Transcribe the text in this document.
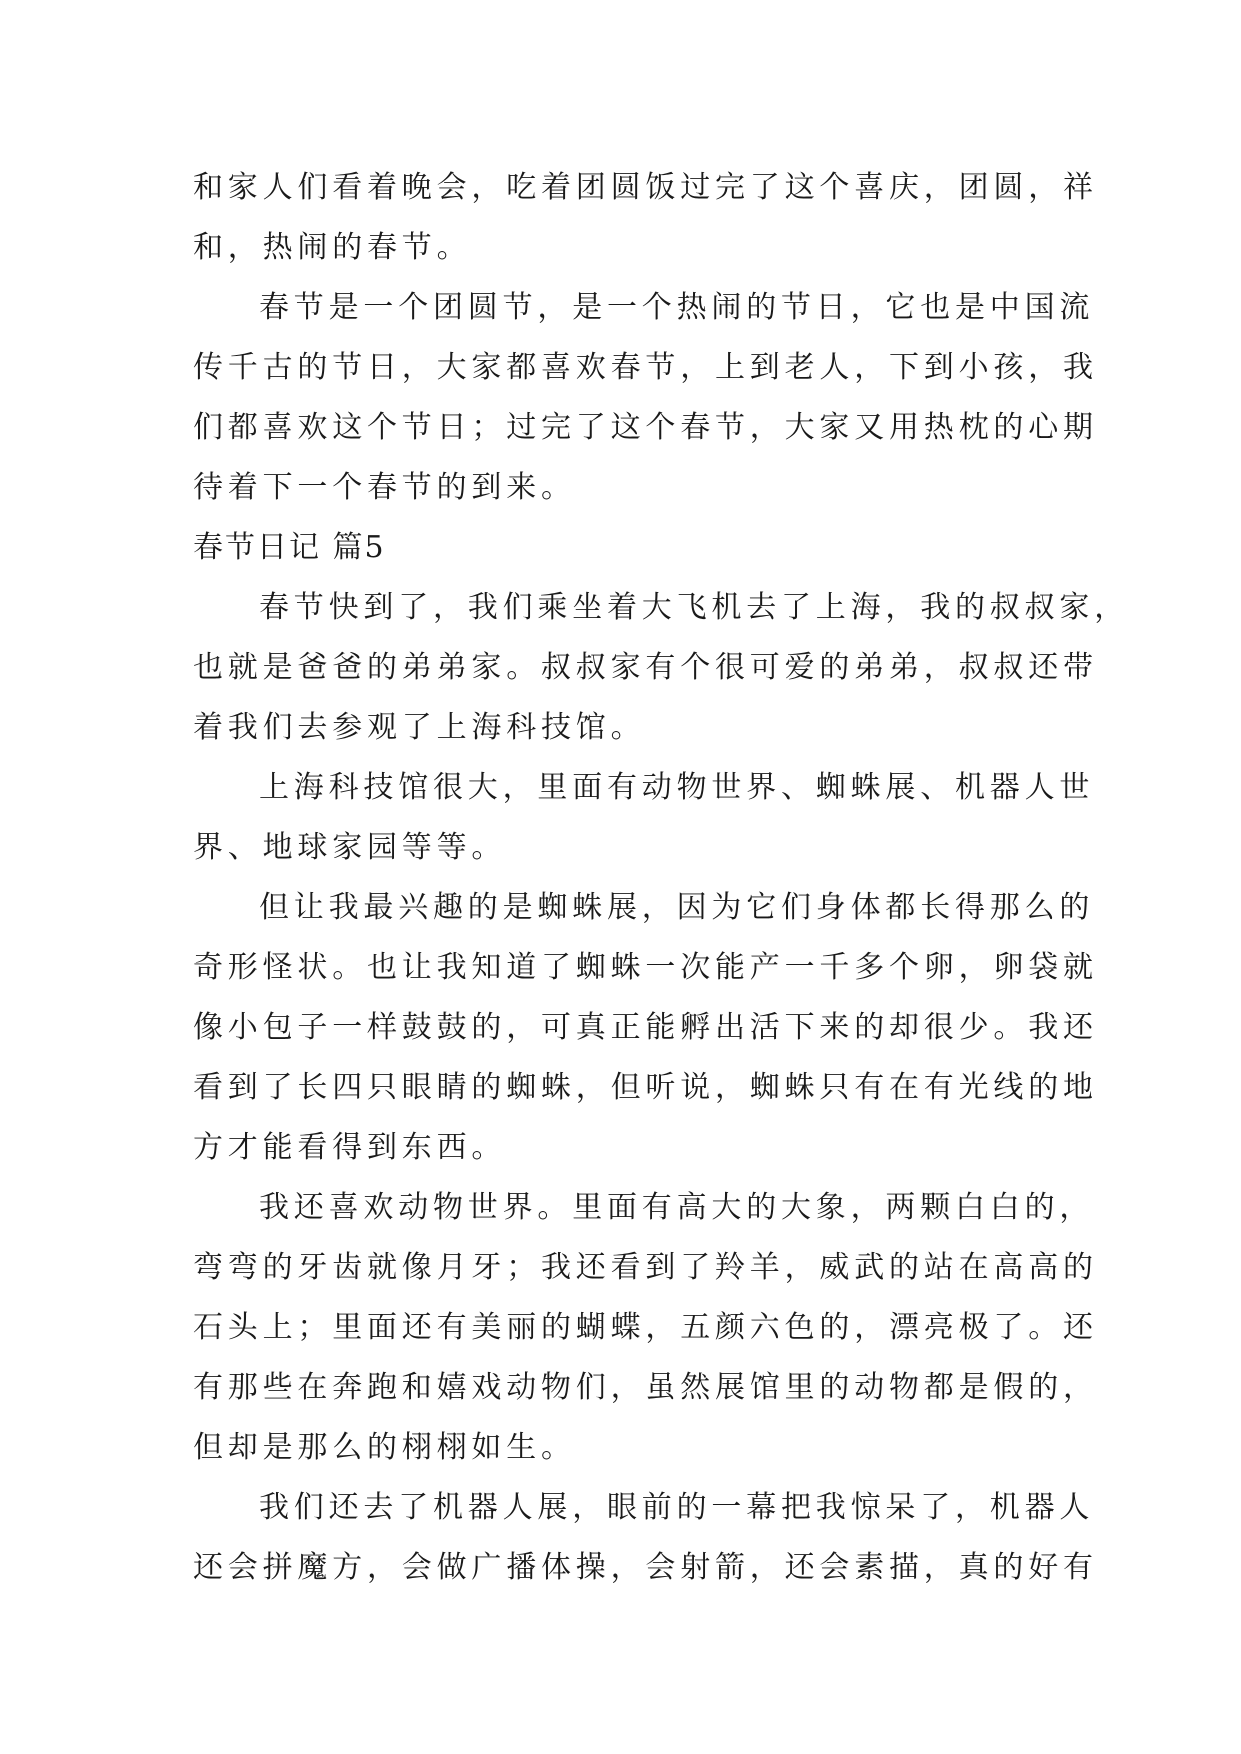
和家人们看着晚会，吃着团圆饭过完了这个喜庆，团圆，祥
和，热闹的春节。
春节是一个团圆节，是一个热闹的节日，它也是中国流
传千古的节日，大家都喜欢春节，上到老人，下到小孩，我
们都喜欢这个节日；过完了这个春节，大家又用热枕的心期
待着下一个春节的到来。
春节日记 篇5
春节快到了，我们乘坐着大飞机去了上海，我的叔叔家，
也就是爸爸的弟弟家。叔叔家有个很可爱的弟弟，叔叔还带
着我们去参观了上海科技馆。
上海科技馆很大，里面有动物世界、蜘蛛展、机器人世
界、地球家园等等。
但让我最兴趣的是蜘蛛展，因为它们身体都长得那么的
奇形怪状。也让我知道了蜘蛛一次能产一千多个卵，卵袋就
像小包子一样鼓鼓的，可真正能孵出活下来的却很少。我还
看到了长四只眼睛的蜘蛛，但听说，蜘蛛只有在有光线的地
方才能看得到东西。
我还喜欢动物世界。里面有高大的大象，两颗白白的，
弯弯的牙齿就像月牙；我还看到了羚羊，威武的站在高高的
石头上；里面还有美丽的蝴蝶，五颜六色的，漂亮极了。还
有那些在奔跑和嬉戏动物们，虽然展馆里的动物都是假的，
但却是那么的栩栩如生。
我们还去了机器人展，眼前的一幕把我惊呆了，机器人
还会拼魔方，会做广播体操，会射箭，还会素描，真的好有
